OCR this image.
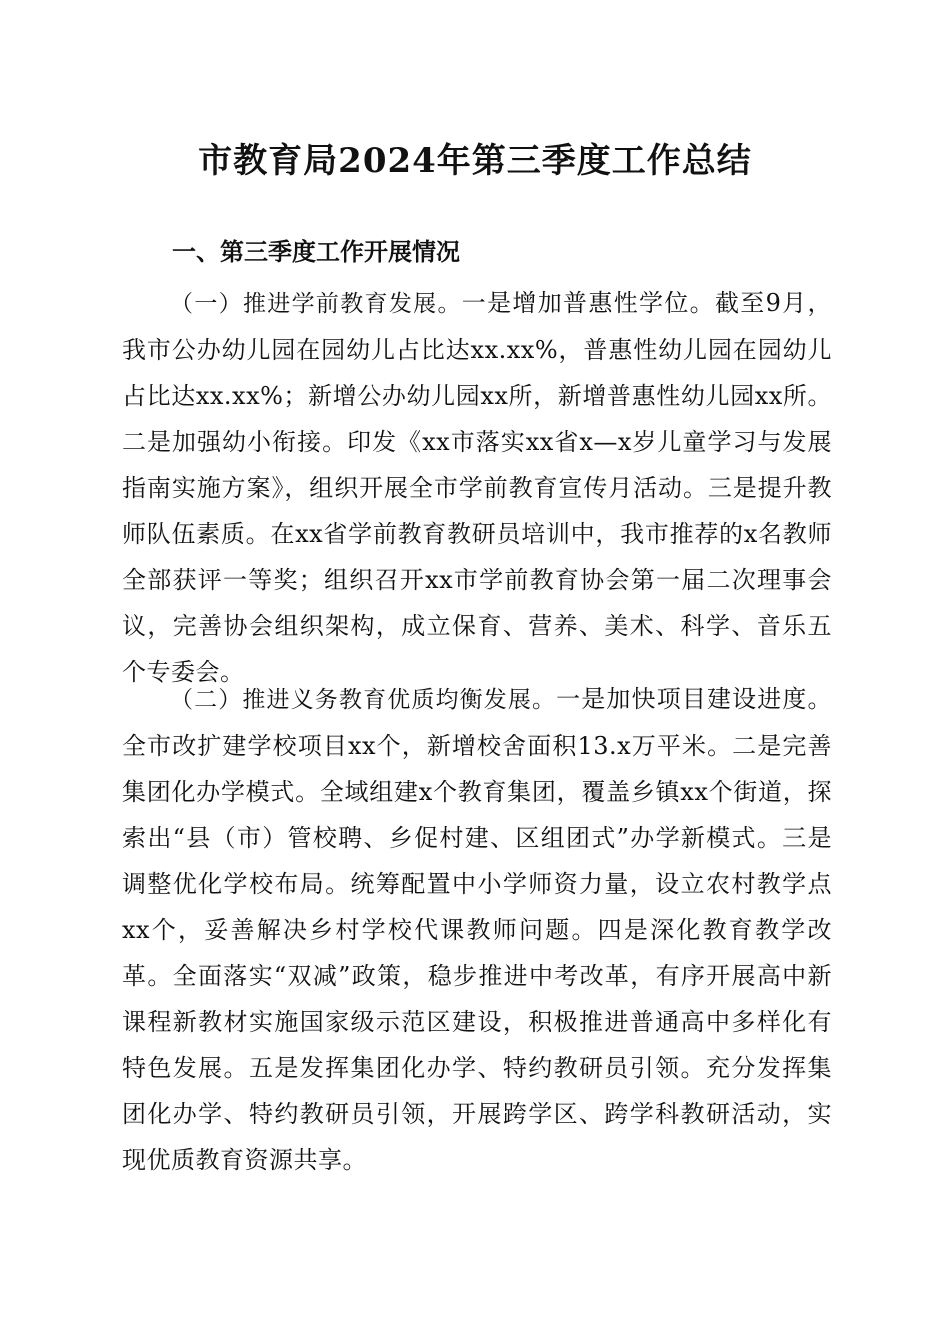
市教育局2024年第三季度工作总结
一、第三季度工作开展情况

（一）推进学前教育发展。一是增加普惠性学位。截至9月，我市公办幼儿园在园幼儿占比达xx.xx%，普惠性幼儿园在园幼儿占比达xx.xx%；新增公办幼儿园xx所，新增普惠性幼儿园xx所。二是加强幼小衔接。印发《xx市落实xx省x—x岁儿童学习与发展指南实施方案》，组织开展全市学前教育宣传月活动。三是提升教师队伍素质。在xx省学前教育教研员培训中，我市推荐的x名教师全部获评一等奖；组织召开xx市学前教育协会第一届二次理事会议，完善协会组织架构，成立保育、营养、美术、科学、音乐五个专委会。

（二）推进义务教育优质均衡发展。一是加快项目建设进度。全市改扩建学校项目xx个，新增校舍面积13.x万平米。二是完善集团化办学模式。全域组建x个教育集团，覆盖乡镇xx个街道，探索出“县（市）管校聘、乡促村建、区组团式”办学新模式。三是调整优化学校布局。统筹配置中小学师资力量，设立农村教学点xx个，妥善解决乡村学校代课教师问题。四是深化教育教学改革。全面落实“双减”政策，稳步推进中考改革，有序开展高中新课程新教材实施国家级示范区建设，积极推进普通高中多样化有特色发展。五是发挥集团化办学、特约教研员引领。充分发挥集团化办学、特约教研员引领，开展跨学区、跨学科教研活动，实现优质教育资源共享。
